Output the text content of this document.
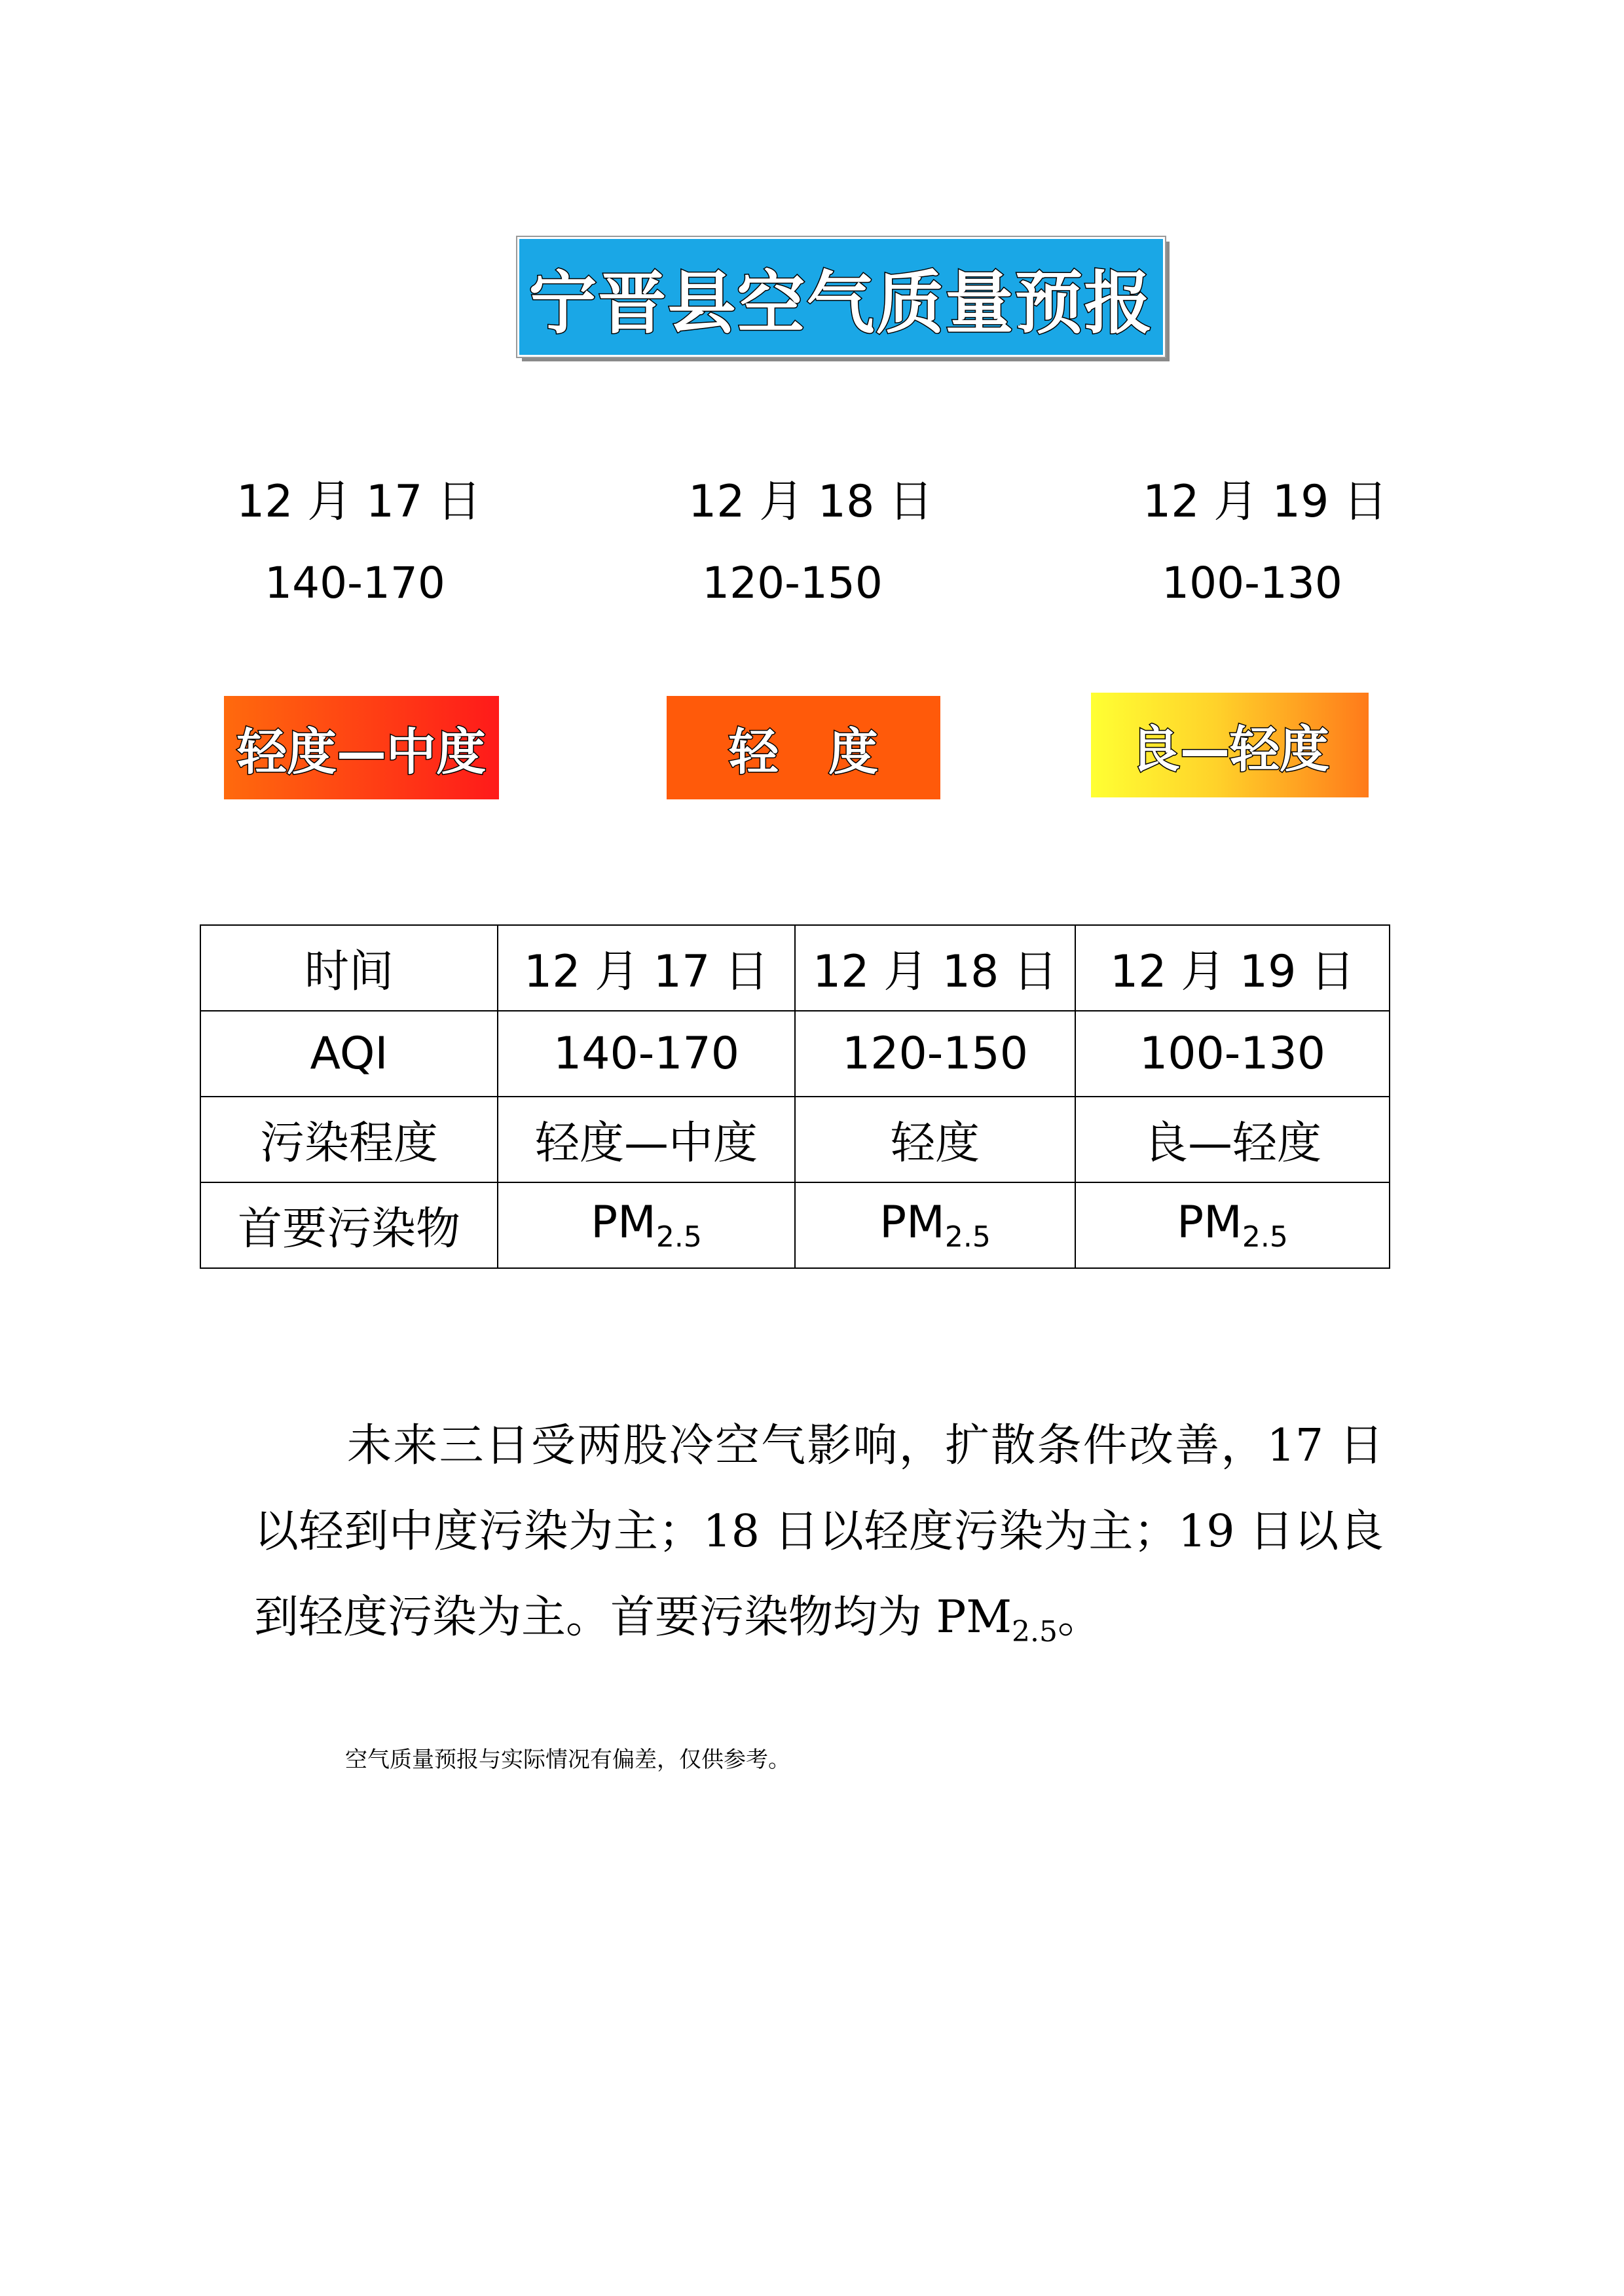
宁晋县空气质量预报
12 月 17 日	12 月 18 日	12 月 19 日
140-170	120-150	100-130
轻度—中度	轻　度	良—轻度
时间	12 月 17 日	12 月 18 日	12 月 19 日
AQI	140-170	120-150	100-130
污染程度	轻度—中度	轻度	良—轻度
首要污染物	$PM_{2.5}$	$PM_{2.5}$	$PM_{2.5}$

未来三日受两股冷空气影响，扩散条件改善，17 日以轻到中度污染为主；18 日以轻度污染为主；19 日以良到轻度污染为主。首要污染物均为 $PM_{2.5}$。

空气质量预报与实际情况有偏差，仅供参考。
